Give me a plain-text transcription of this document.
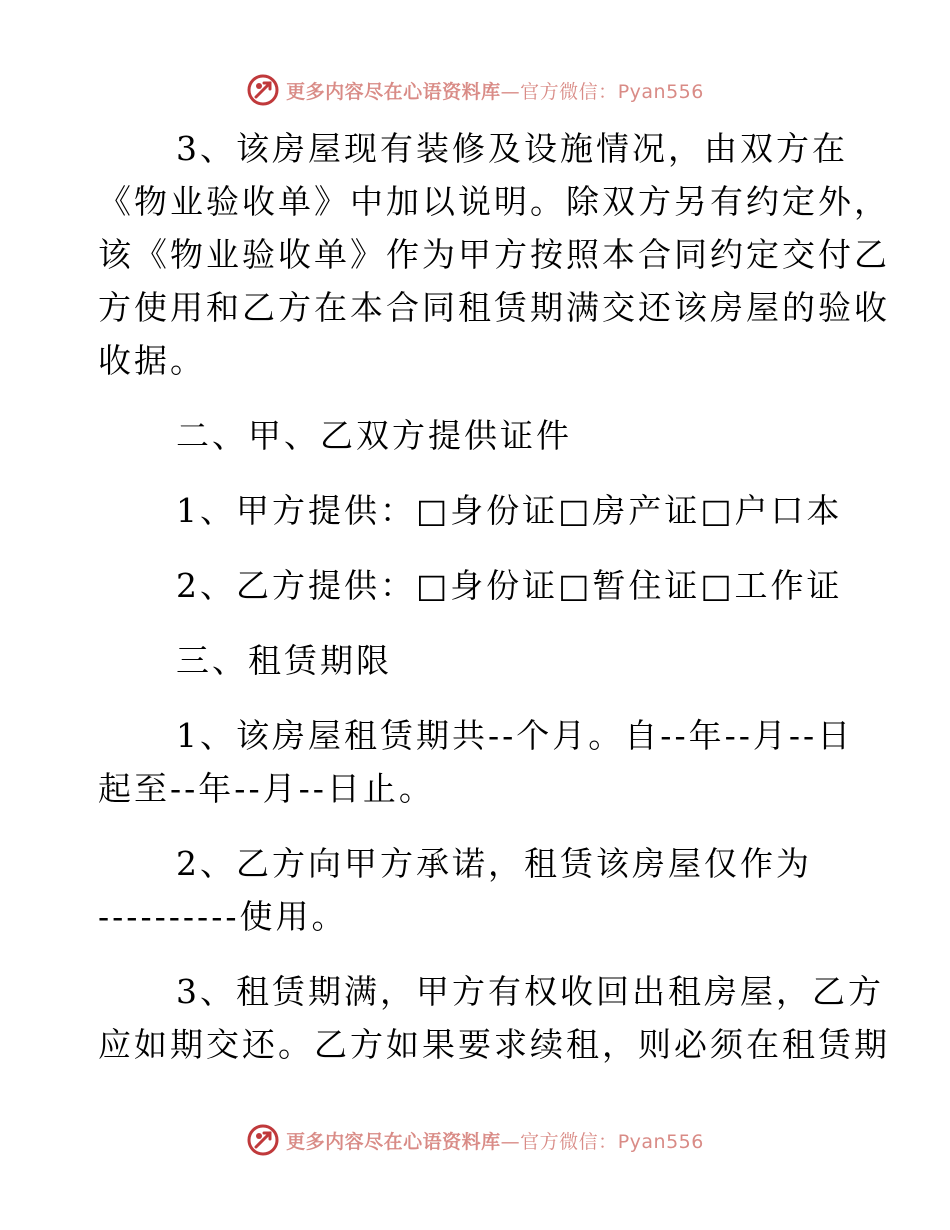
更多内容尽在心语资料库—官方微信：Pyan556

3、该房屋现有装修及设施情况，由双方在

《物业验收单》中加以说明。除双方另有约定外，

该《物业验收单》作为甲方按照本合同约定交付乙

方使用和乙方在本合同租赁期满交还该房屋的验收

收据。

二、甲、乙双方提供证件

1、甲方提供：□身份证□房产证□户口本

2、乙方提供：□身份证□暂住证□工作证

三、租赁期限

1、该房屋租赁期共--个月。自--年--月--日

起至--年--月--日止。

2、乙方向甲方承诺，租赁该房屋仅作为

----------使用。

3、租赁期满，甲方有权收回出租房屋，乙方

应如期交还。乙方如果要求续租，则必须在租赁期

更多内容尽在心语资料库—官方微信：Pyan556
